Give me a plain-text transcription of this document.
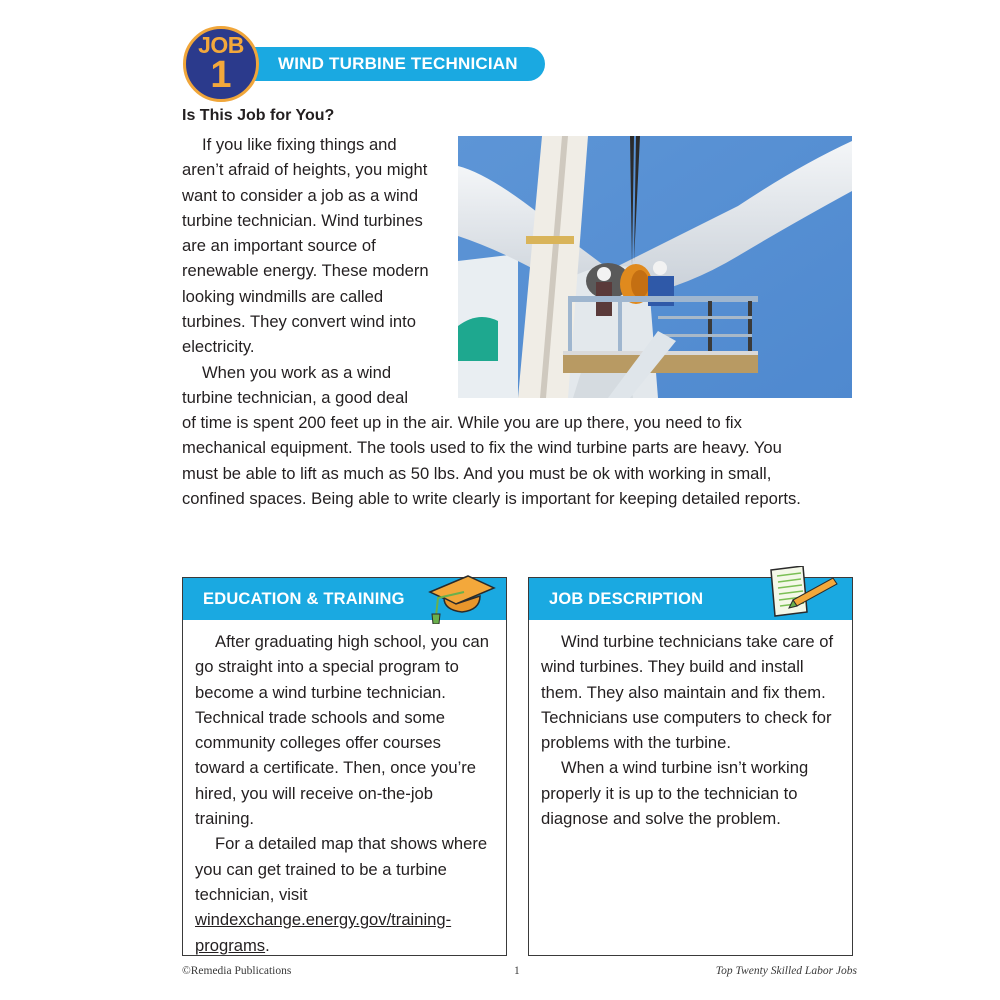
WIND TURBINE TECHNICIAN
JOB
1
Is This Job for You?
If you like fixing things and
aren’t afraid of heights, you might
want to consider a job as a wind
turbine technician. Wind turbines
are an important source of
renewable energy. These modern
looking windmills are called
turbines. They convert wind into
electricity.
When you work as a wind
turbine technician, a good deal
of time is spent 200 feet up in the air. While you are up there, you need to fix
mechanical equipment. The tools used to fix the wind turbine parts are heavy. You
must be able to lift as much as 50 lbs. And you must be ok with working in small,
confined spaces. Being able to write clearly is important for keeping detailed reports.
EDUCATION & TRAINING

After graduating high school, you can go straight into a special program to become a wind turbine technician. Technical trade schools and some community colleges offer courses toward a certificate. Then, once you’re hired, you will receive on-the-job training.

For a detailed map that shows where you can get trained to be a turbine technician, visit windexchange.energy.gov/training-programs.

JOB DESCRIPTION

Wind turbine technicians take care of wind turbines. They build and install them. They also maintain and fix them. Technicians use computers to check for problems with the turbine.

When a wind turbine isn’t working properly it is up to the technician to diagnose and solve the problem.

©Remedia Publications	1	Top Twenty Skilled Labor Jobs
